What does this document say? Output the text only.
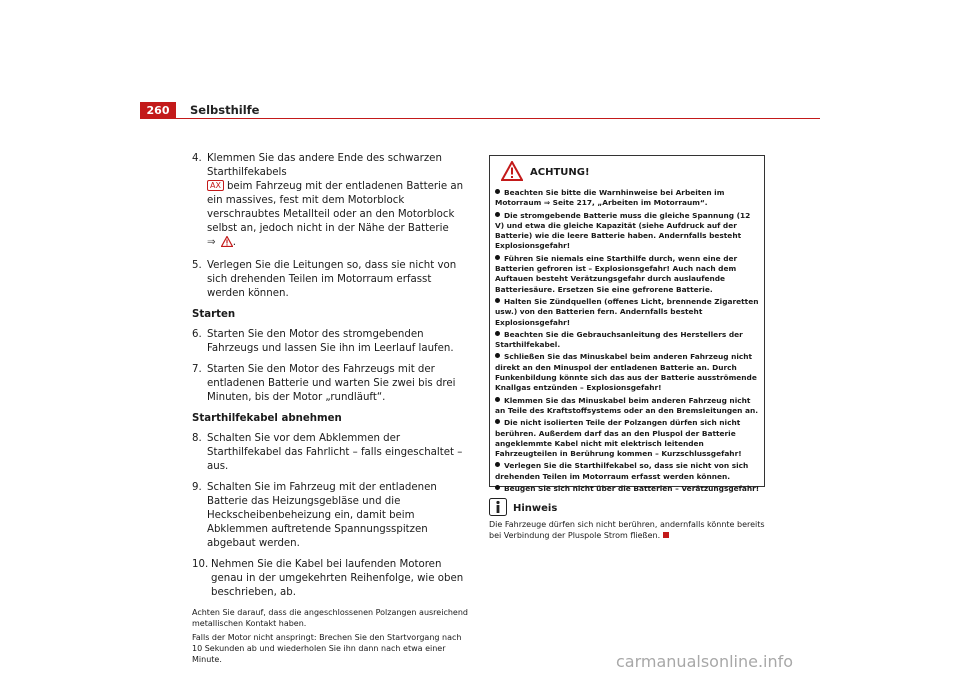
260	Selbsthilfe
4. Klemmen Sie das andere Ende des schwarzen Starthilfekabels
AX beim Fahrzeug mit der entladenen Batterie an ein massives, fest mit dem Motorblock verschraubtes Metallteil oder an den Motorblock selbst an, jedoch nicht in der Nähe der Batterie
⇒ .
5. Verlegen Sie die Leitungen so, dass sie nicht von sich drehenden Teilen im Motorraum erfasst werden können.
Starten
6. Starten Sie den Motor des stromgebenden Fahrzeugs und lassen Sie ihn im Leerlauf laufen.
7. Starten Sie den Motor des Fahrzeugs mit der entladenen Batterie und warten Sie zwei bis drei Minuten, bis der Motor „rundläuft“.
Starthilfekabel abnehmen
8. Schalten Sie vor dem Abklemmen der Starthilfekabel das Fahrlicht – falls eingeschaltet – aus.
9. Schalten Sie im Fahrzeug mit der entladenen Batterie das Heizungsgebläse und die Heckscheibenbeheizung ein, damit beim Abklemmen auftretende Spannungsspitzen abgebaut werden.
10. Nehmen Sie die Kabel bei laufenden Motoren genau in der umgekehrten Reihenfolge, wie oben beschrieben, ab.

Achten Sie darauf, dass die angeschlossenen Polzangen ausreichend metallischen Kontakt haben.

Falls der Motor nicht anspringt: Brechen Sie den Startvorgang nach 10 Sekunden ab und wiederholen Sie ihn dann nach etwa einer Minute.

ACHTUNG!
Beachten Sie bitte die Warnhinweise bei Arbeiten im Motorraum ⇒ Seite 217, „Arbeiten im Motorraum“.
Die stromgebende Batterie muss die gleiche Spannung (12 V) und etwa die gleiche Kapazität (siehe Aufdruck auf der Batterie) wie die leere Batterie haben. Andernfalls besteht Explosionsgefahr!
Führen Sie niemals eine Starthilfe durch, wenn eine der Batterien gefroren ist – Explosionsgefahr! Auch nach dem Auftauen besteht Verätzungsgefahr durch auslaufende Batteriesäure. Ersetzen Sie eine gefrorene Batterie.
Halten Sie Zündquellen (offenes Licht, brennende Zigaretten usw.) von den Batterien fern. Andernfalls besteht Explosionsgefahr!
Beachten Sie die Gebrauchsanleitung des Herstellers der Starthilfekabel.
Schließen Sie das Minuskabel beim anderen Fahrzeug nicht direkt an den Minuspol der entladenen Batterie an. Durch Funkenbildung könnte sich das aus der Batterie ausströmende Knallgas entzünden – Explosionsgefahr!
Klemmen Sie das Minuskabel beim anderen Fahrzeug nicht an Teile des Kraftstoffsystems oder an den Bremsleitungen an.
Die nicht isolierten Teile der Polzangen dürfen sich nicht berühren. Außerdem darf das an den Pluspol der Batterie angeklemmte Kabel nicht mit elektrisch leitenden Fahrzeugteilen in Berührung kommen – Kurzschlussgefahr!
Verlegen Sie die Starthilfekabel so, dass sie nicht von sich drehenden Teilen im Motorraum erfasst werden können.
Beugen Sie sich nicht über die Batterien – Verätzungsgefahr!
Hinweis
Die Fahrzeuge dürfen sich nicht berühren, andernfalls könnte bereits bei Verbindung der Pluspole Strom fließen.
carmanualsonline.info
